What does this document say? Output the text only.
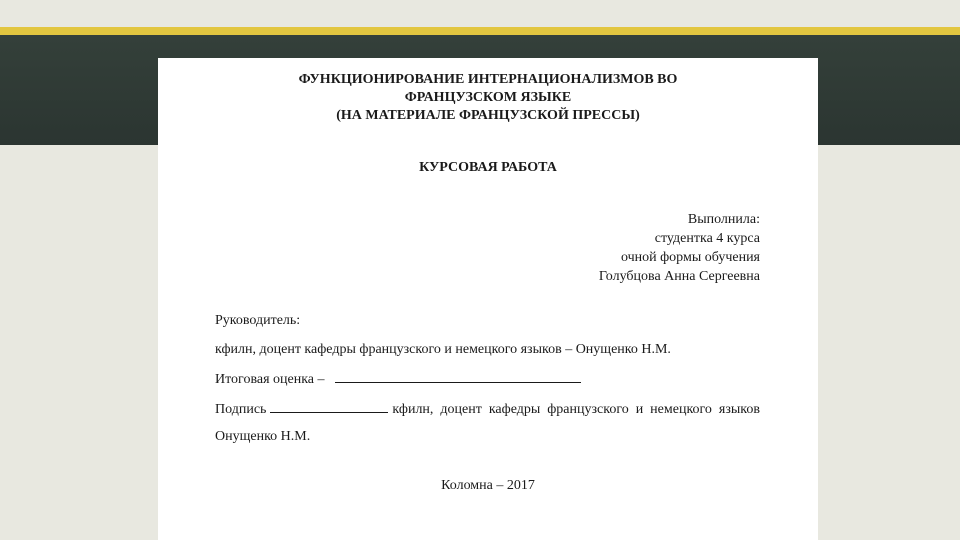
ФУНКЦИОНИРОВАНИЕ ИНТЕРНАЦИОНАЛИЗМОВ ВО
ФРАНЦУЗСКОМ ЯЗЫКЕ
(НА МАТЕРИАЛЕ ФРАНЦУЗСКОЙ ПРЕССЫ)
КУРСОВАЯ РАБОТА
Выполнила:
студентка 4 курса
очной формы обучения
Голубцова Анна Сергеевна
Руководитель:
кфилн, доцент кафедры французского и немецкого языков – Онущенко Н.М.
Итоговая оценка –
Подпись	кфилн, доцент кафедры французского и немецкого языков Онущенко Н.М.
Коломна – 2017
